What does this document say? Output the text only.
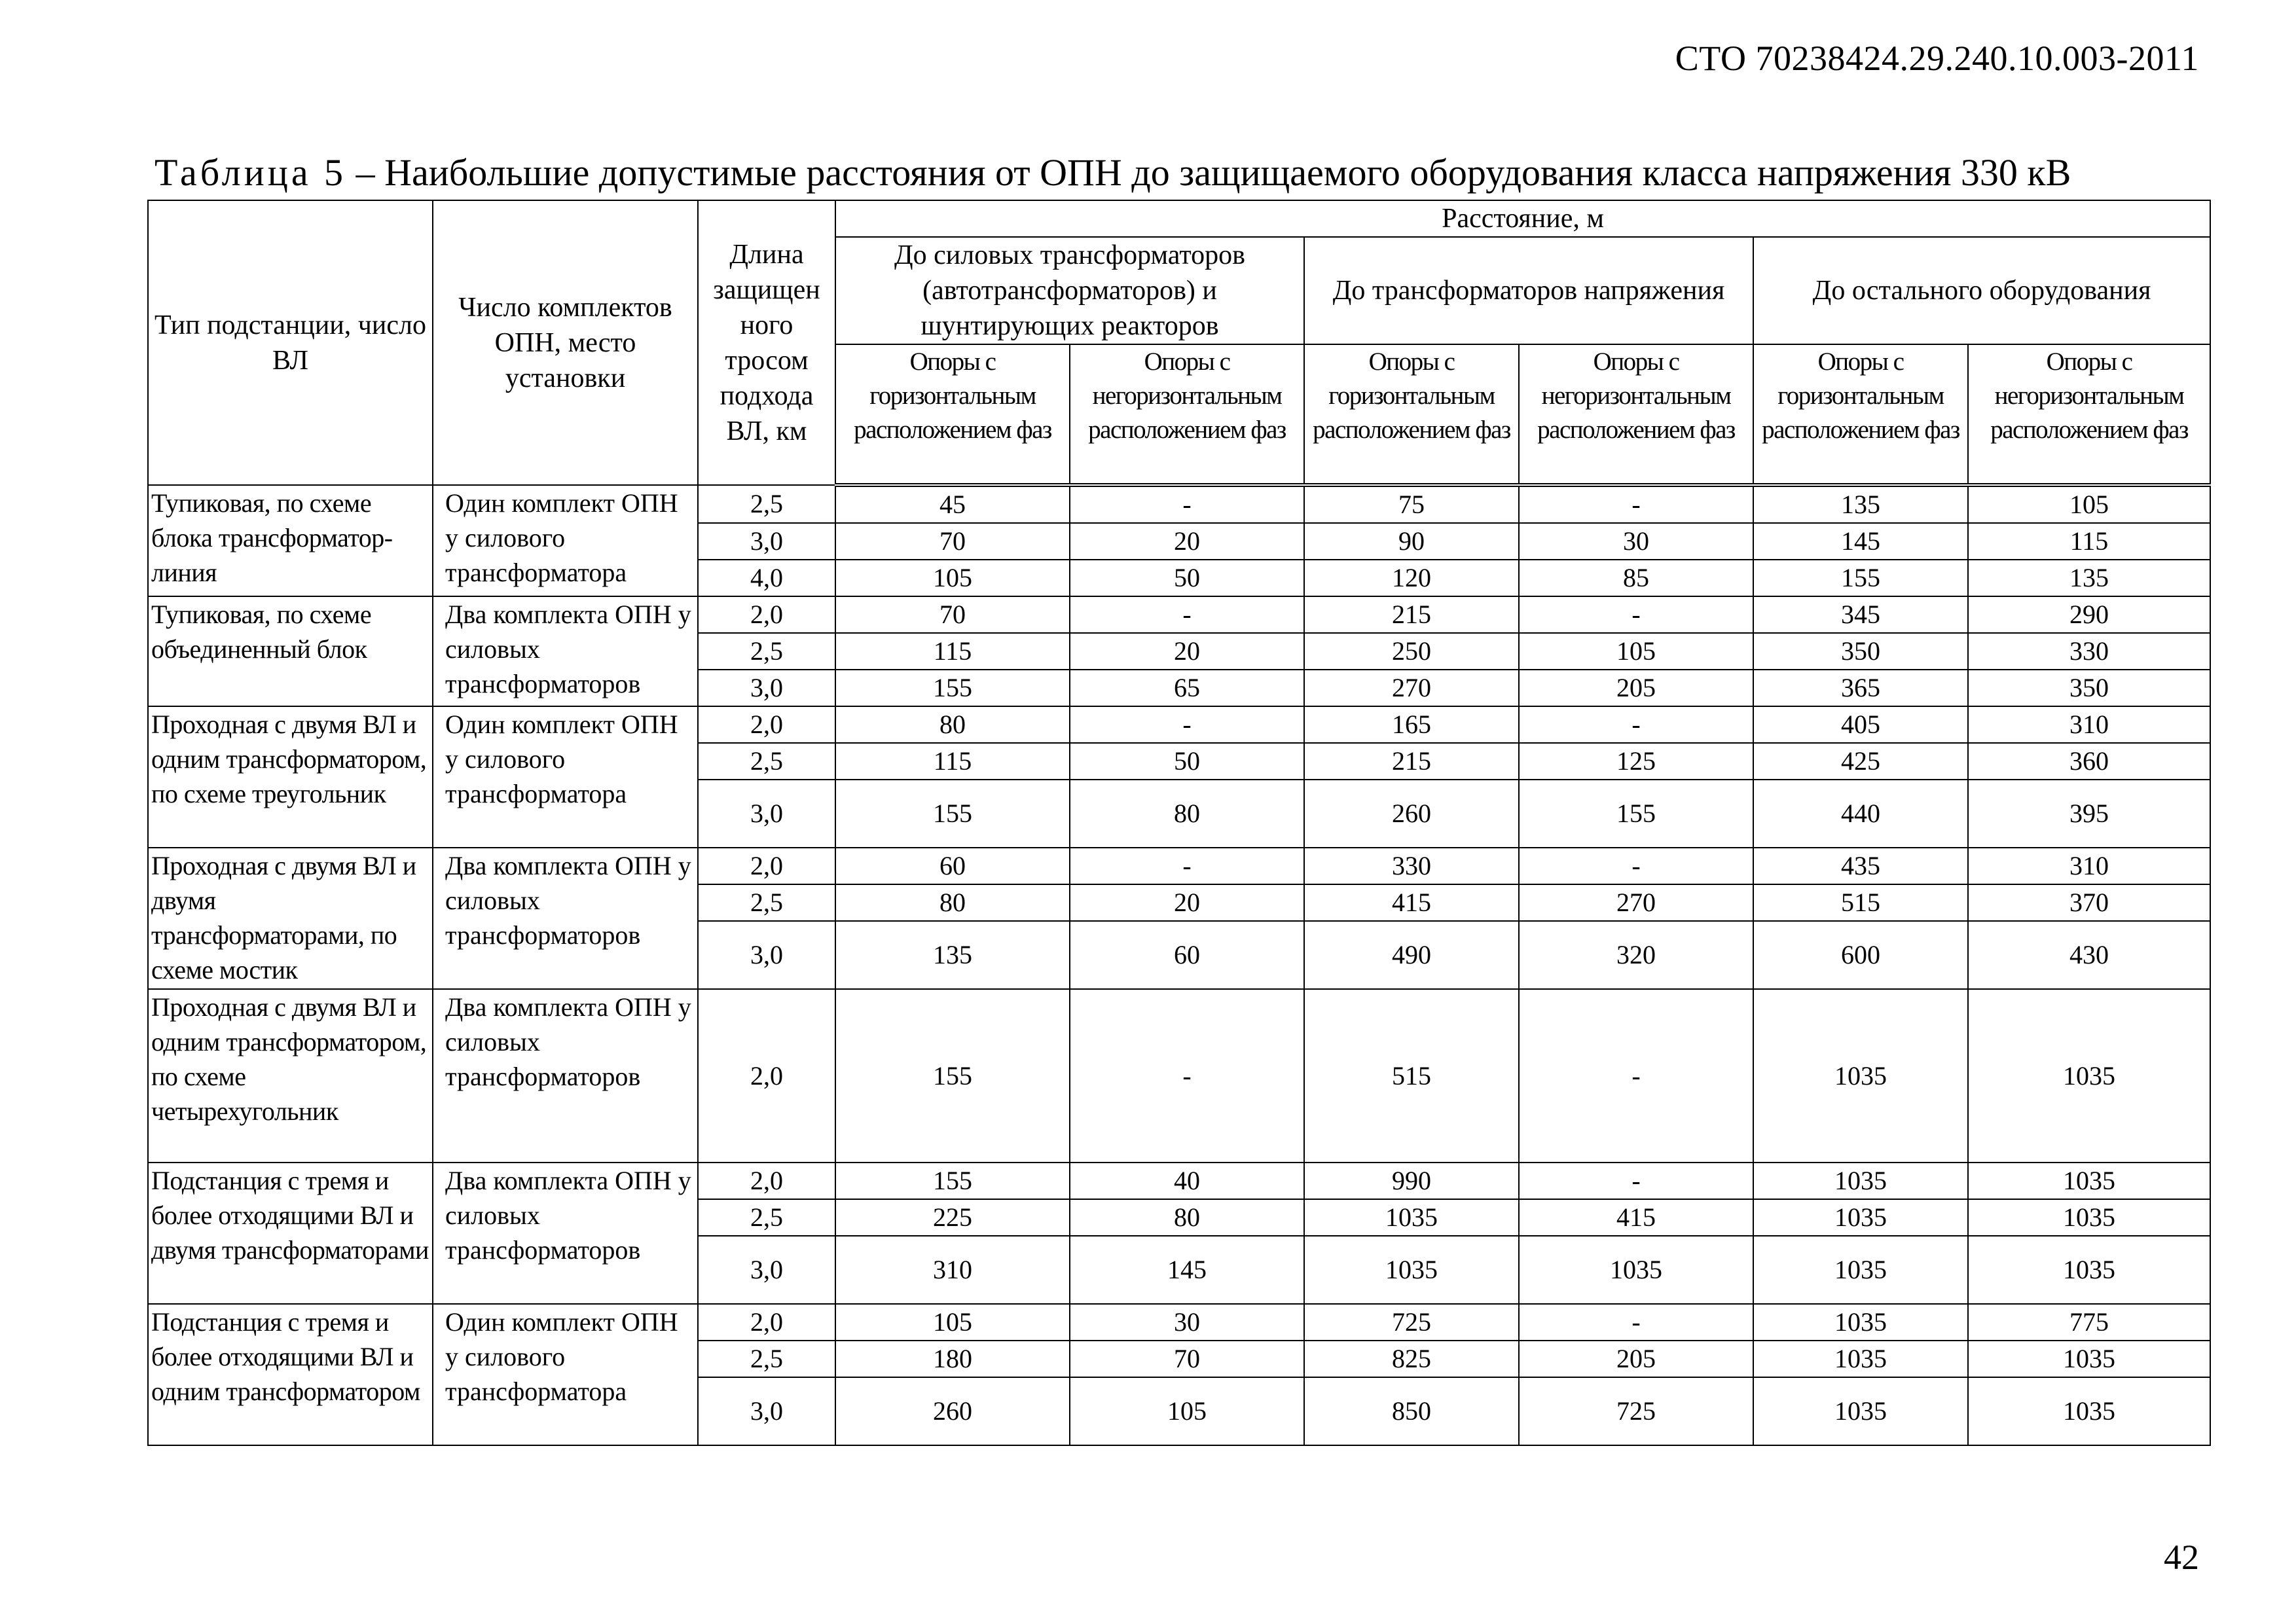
СТО 70238424.29.240.10.003-2011
Таблица 5 – Наибольшие допустимые расстояния от ОПН до защищаемого оборудования класса напряжения 330 кВ
Тип подстанции, число ВЛ	Число комплектов ОПН, место установки	Длина защищен ного тросом подхода ВЛ, км	Расстояние, м					
			До силовых трансформаторов (автотрансформаторов) и шунтирующих реакторов		До трансформаторов напряжения		До остального оборудования	
			Опоры с горизонтальным расположением фаз	Опоры с негоризонтальным расположением фаз	Опоры с горизонтальным расположением фаз	Опоры с негоризонтальным расположением фаз	Опоры с горизонтальным расположением фаз	Опоры с негоризонтальным расположением фаз
Тупиковая, по схеме блока трансформатор-линия	Один комплект ОПН у силового трансформатора	2,5	45	-	75	-	135	105
		3,0	70	20	90	30	145	115
		4,0	105	50	120	85	155	135
Тупиковая, по схеме объединенный блок	Два комплекта ОПН у силовых трансформаторов	2,0	70	-	215	-	345	290
		2,5	115	20	250	105	350	330
		3,0	155	65	270	205	365	350
Проходная с двумя ВЛ и одним трансформатором, по схеме треугольник	Один комплект ОПН у силового трансформатора	2,0	80	-	165	-	405	310
		2,5	115	50	215	125	425	360
		3,0	155	80	260	155	440	395
Проходная с двумя ВЛ и двумя трансформаторами, по схеме мостик	Два комплекта ОПН у силовых трансформаторов	2,0	60	-	330	-	435	310
		2,5	80	20	415	270	515	370
		3,0	135	60	490	320	600	430
Проходная с двумя ВЛ и одним трансформатором, по схеме четырехугольник	Два комплекта ОПН у силовых трансформаторов	2,0	155	-	515	-	1035	1035
Подстанция с тремя и более отходящими ВЛ и двумя трансформаторами	Два комплекта ОПН у силовых трансформаторов	2,0	155	40	990	-	1035	1035
		2,5	225	80	1035	415	1035	1035
		3,0	310	145	1035	1035	1035	1035
Подстанция с тремя и более отходящими ВЛ и одним трансформатором	Один комплект ОПН у силового трансформатора	2,0	105	30	725	-	1035	775
		2,5	180	70	825	205	1035	1035
		3,0	260	105	850	725	1035	1035
42
